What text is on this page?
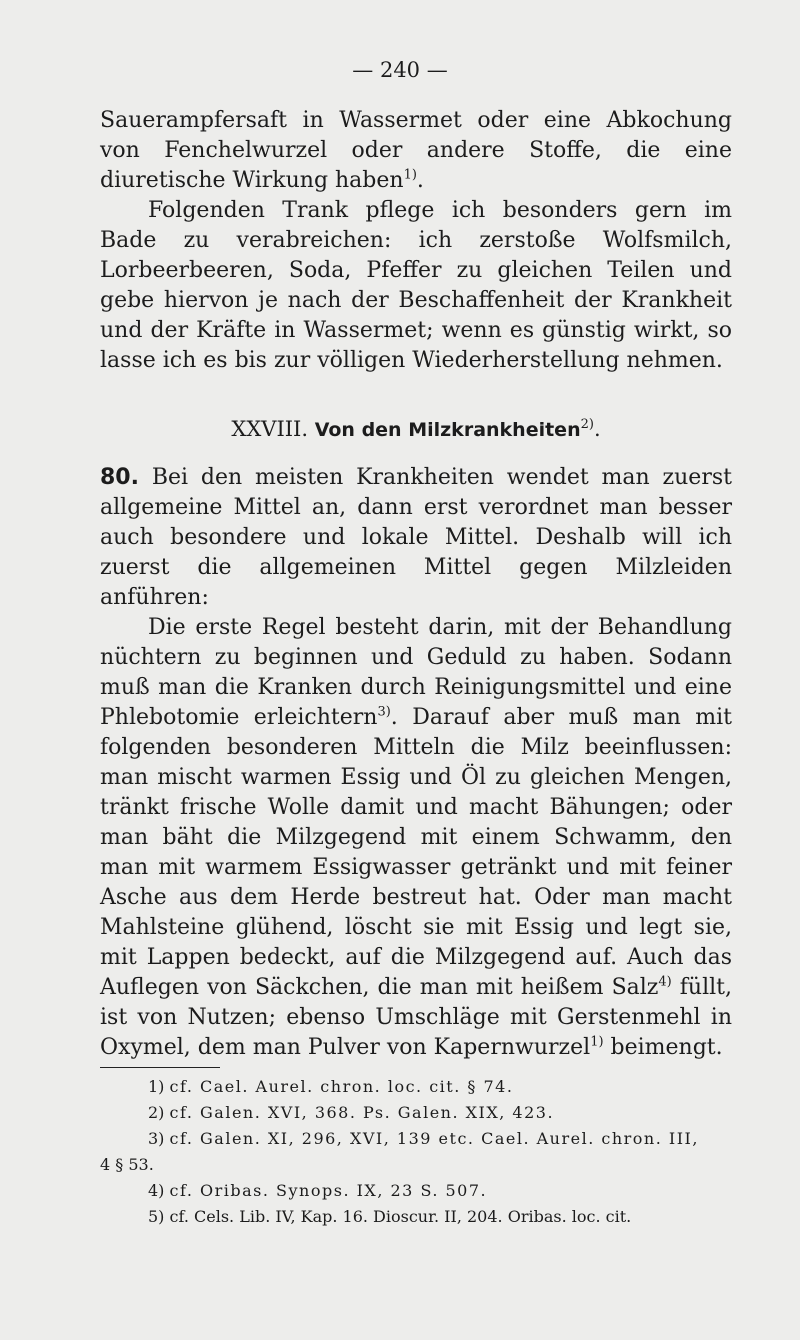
— 240 —

Sauerampfersaft in Wassermet oder eine Abkochung von Fenchelwurzel oder andere Stoffe, die eine diuretische Wirkung haben$^{1)}$.

Folgenden Trank pflege ich besonders gern im Bade zu verabreichen: ich zerstoße Wolfsmilch, Lorbeerbeeren, Soda, Pfeffer zu gleichen Teilen und gebe hiervon je nach der Beschaffenheit der Krankheit und der Kräfte in Wassermet; wenn es günstig wirkt, so lasse ich es bis zur völligen Wiederherstellung nehmen.

XXVIII. Von den Milzkrankheiten$^{2)}$.

80. Bei den meisten Krankheiten wendet man zuerst allgemeine Mittel an, dann erst verordnet man besser auch besondere und lokale Mittel. Deshalb will ich zuerst die allgemeinen Mittel gegen Milzleiden anführen:

Die erste Regel besteht darin, mit der Behandlung nüchtern zu beginnen und Geduld zu haben. Sodann muß man die Kranken durch Reinigungsmittel und eine Phlebotomie erleichtern$^{3)}$. Darauf aber muß man mit folgenden besonderen Mitteln die Milz beeinflussen: man mischt warmen Essig und Öl zu gleichen Mengen, tränkt frische Wolle damit und macht Bähungen; oder man bäht die Milzgegend mit einem Schwamm, den man mit warmem Essigwasser getränkt und mit feiner Asche aus dem Herde bestreut hat. Oder man macht Mahlsteine glühend, löscht sie mit Essig und legt sie, mit Lappen bedeckt, auf die Milzgegend auf. Auch das Auflegen von Säckchen, die man mit heißem Salz$^{4)}$ füllt, ist von Nutzen; ebenso Umschläge mit Gerstenmehl in Oxymel, dem man Pulver von Kapernwurzel$^{1)}$ beimengt.

1) cf. Cael. Aurel. chron. loc. cit. § 74.

2) cf. Galen. XVI, 368. Ps. Galen. XIX, 423.

3) cf. Galen. XI, 296, XVI, 139 etc. Cael. Aurel. chron. III,

4 § 53.

4) cf. Oribas. Synops. IX, 23 S. 507.

5) cf. Cels. Lib. IV, Kap. 16. Dioscur. II, 204. Oribas. loc. cit.
